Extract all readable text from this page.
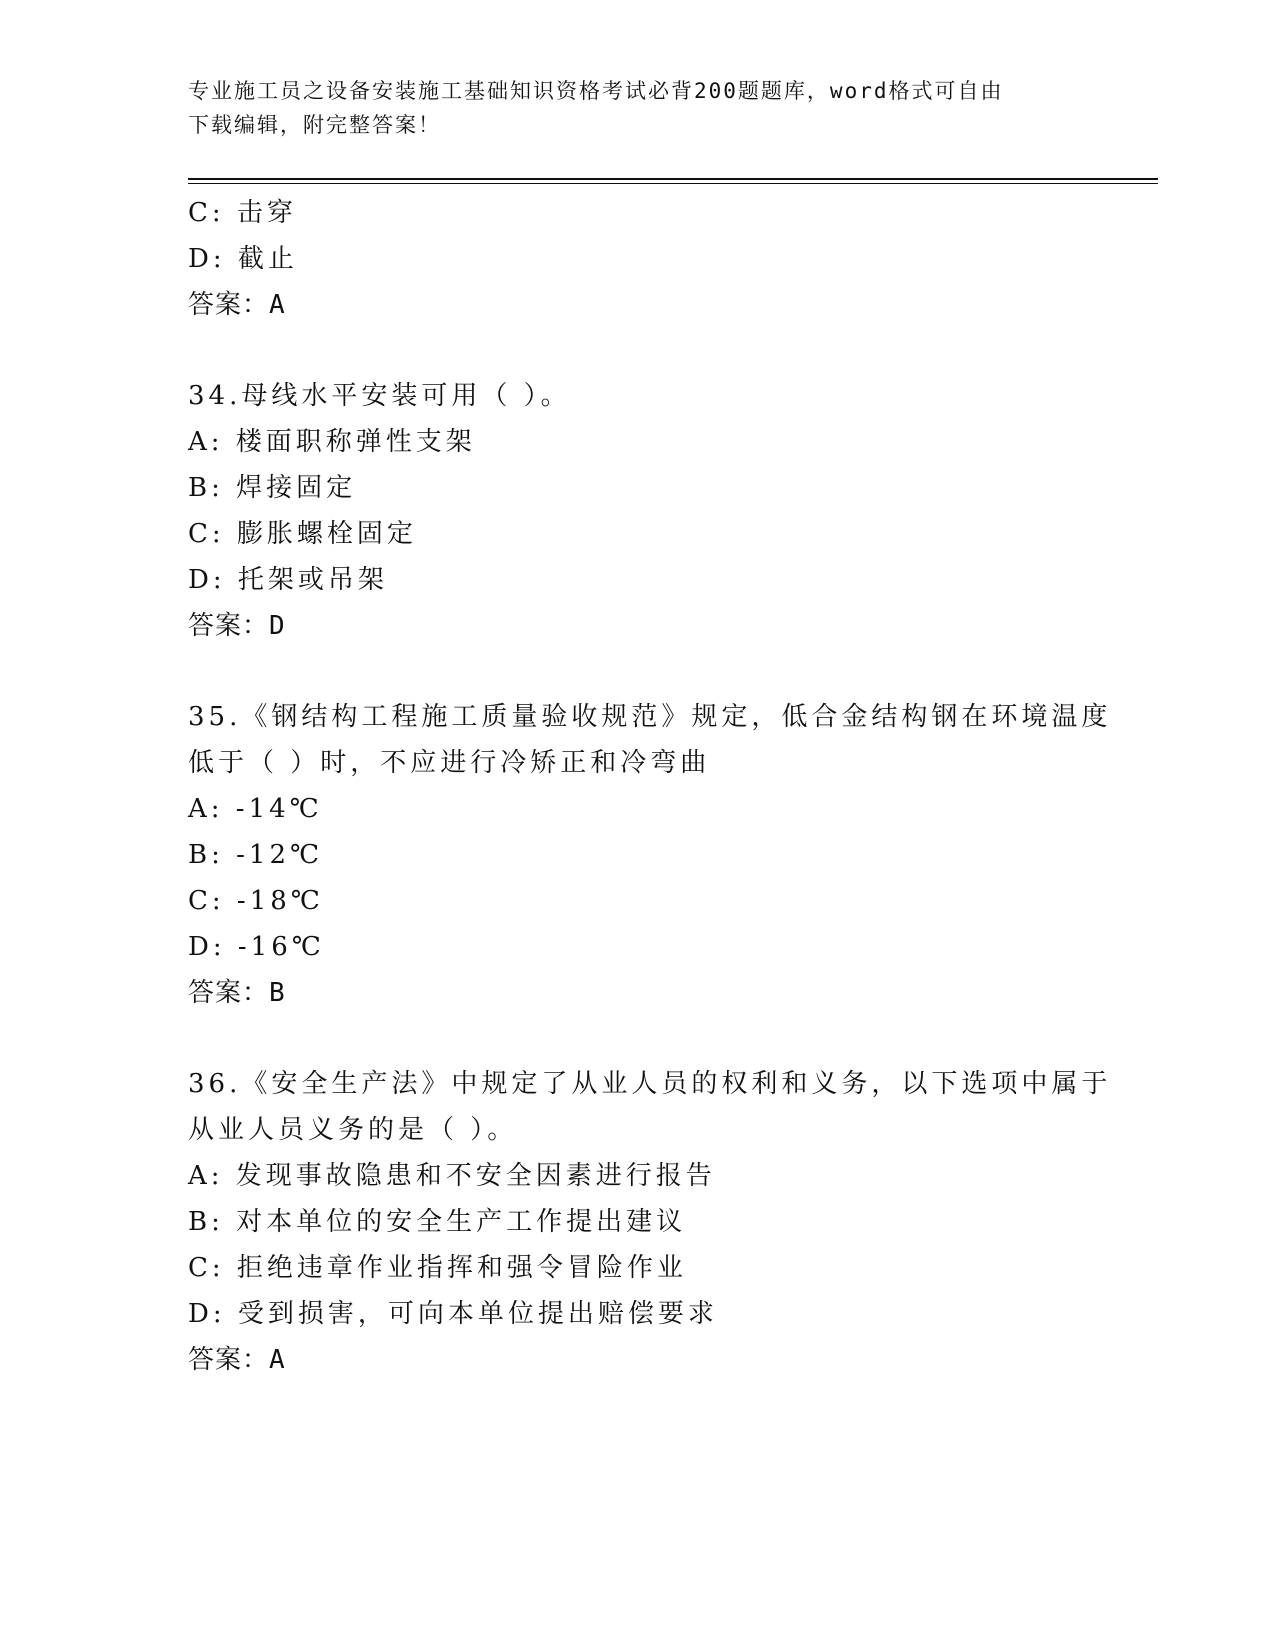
专业施工员之设备安装施工基础知识资格考试必背200题题库，word格式可自由
下载编辑，附完整答案！
C: 击穿
D: 截止
答案：A
34.母线水平安装可用（ ）。
A: 楼面职称弹性支架
B: 焊接固定
C: 膨胀螺栓固定
D: 托架或吊架
答案：D
35.《钢结构工程施工质量验收规范》规定，低合金结构钢在环境温度
低于（ ）时，不应进行冷矫正和冷弯曲
A: -14℃
B: -12℃
C: -18℃
D: -16℃
答案：B
36.《安全生产法》中规定了从业人员的权利和义务，以下选项中属于
从业人员义务的是（ ）。
A: 发现事故隐患和不安全因素进行报告
B: 对本单位的安全生产工作提出建议
C: 拒绝违章作业指挥和强令冒险作业
D: 受到损害，可向本单位提出赔偿要求
答案：A
